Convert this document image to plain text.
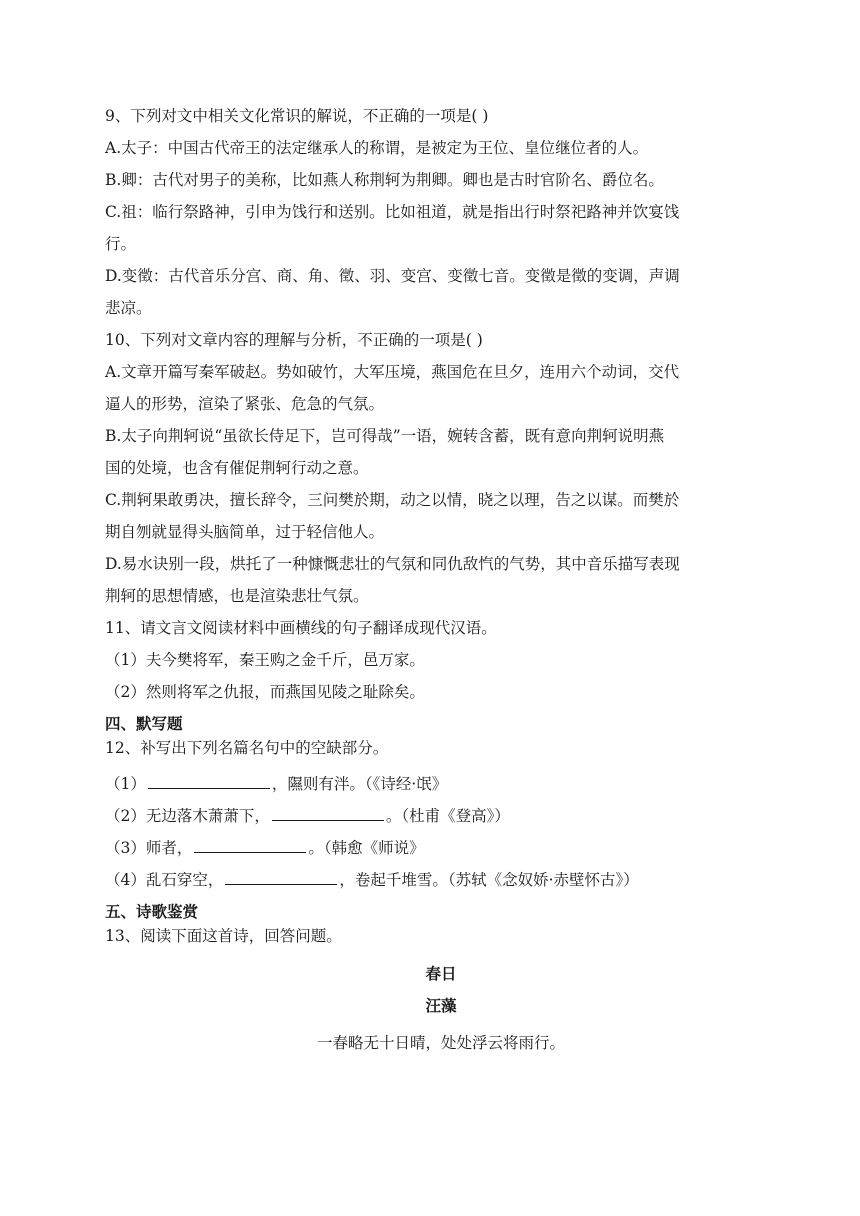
9、下列对文中相关文化常识的解说，不正确的一项是( )
A.太子：中国古代帝王的法定继承人的称谓，是被定为王位、皇位继位者的人。
B.卿：古代对男子的美称，比如燕人称荆轲为荆卿。卿也是古时官阶名、爵位名。
C.祖：临行祭路神，引申为饯行和送别。比如祖道，就是指出行时祭祀路神并饮宴饯
行。
D.变徵：古代音乐分宫、商、角、徵、羽、变宫、变徵七音。变徵是徵的变调，声调
悲凉。
10、下列对文章内容的理解与分析，不正确的一项是( )
A.文章开篇写秦军破赵。势如破竹，大军压境，燕国危在旦夕，连用六个动词，交代
逼人的形势，渲染了紧张、危急的气氛。
B.太子向荆轲说“虽欲长侍足下，岂可得哉”一语，婉转含蓄，既有意向荆轲说明燕
国的处境，也含有催促荆轲行动之意。
C.荆轲果敢勇决，擅长辞令，三问樊於期，动之以情，晓之以理，告之以谋。而樊於
期自刎就显得头脑简单，过于轻信他人。
D.易水诀别一段，烘托了一种慷慨悲壮的气氛和同仇敌忾的气势，其中音乐描写表现
荆轲的思想情感，也是渲染悲壮气氛。
11、请文言文阅读材料中画横线的句子翻译成现代汉语。
（1）夫今樊将军，秦王购之金千斤，邑万家。
（2）然则将军之仇报，而燕国见陵之耻除矣。
四、默写题
12、补写出下列名篇名句中的空缺部分。
（1）	，隰则有泮。（《诗经·氓》
（2）无边落木萧萧下，	。（杜甫《登高》）
（3）师者，	。（韩愈《师说》
（4）乱石穿空，	，卷起千堆雪。（苏轼《念奴娇·赤壁怀古》）
五、诗歌鉴赏
13、阅读下面这首诗，回答问题。
春日
汪藻
一春略无十日晴，处处浮云将雨行。
